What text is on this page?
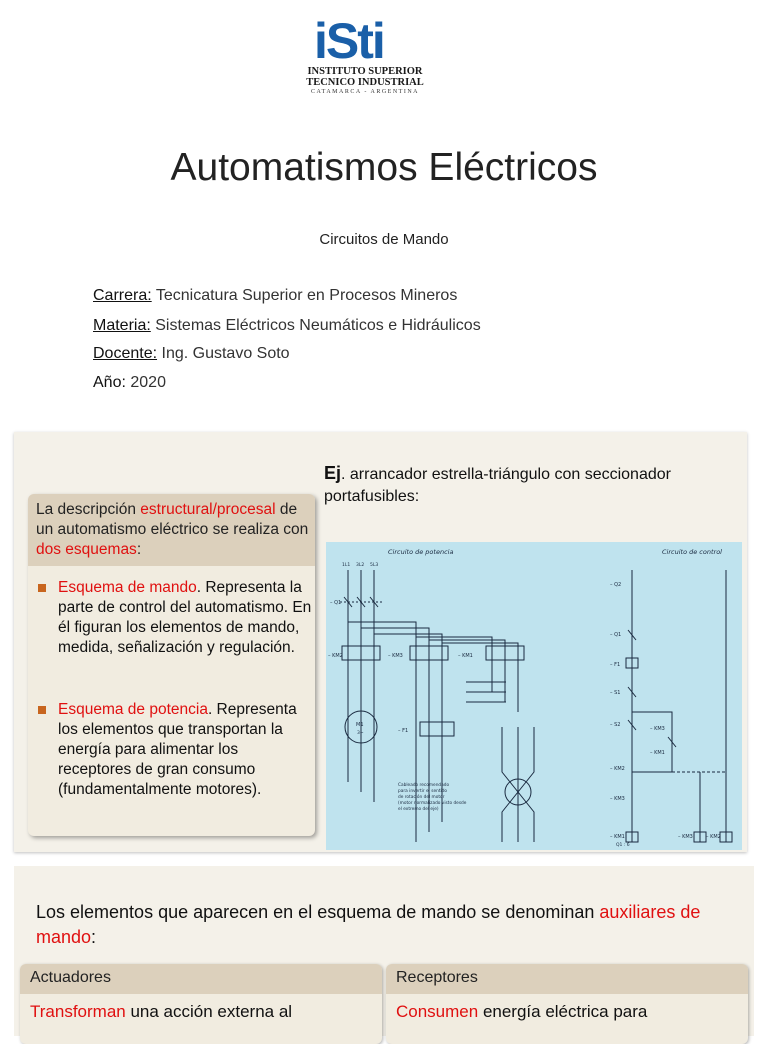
iSti
INSTITUTO SUPERIOR
TECNICO INDUSTRIAL
CATAMARCA - ARGENTINA
Automatismos Eléctricos
Circuitos de Mando
Carrera: Tecnicatura Superior en Procesos Mineros
Materia: Sistemas Eléctricos Neumáticos e Hidráulicos
Docente: Ing. Gustavo Soto
Año: 2020
La descripción estructural/procesal de un automatismo eléctrico se realiza con dos esquemas:
Esquema de mando. Representa la parte de control del automatismo. En él figuran los elementos de mando, medida, señalización y regulación.
Esquema de potencia. Representa los elementos que transportan la energía para alimentar los receptores de gran consumo (fundamentalmente motores).
Ej. arrancador estrella-triángulo con seccionador portafusibles:
Circuito de potencia	Circuito de control
1L1 3L2 5L3
– Q1
– KM2	– KM3	– KM1
– F1
M1
3~
– Q2
– Q1
– F1
– S1
– S2
– KM3
– KM1
– KM2
– KM3
– KM1	– KM3	– KM2
Q1 : 6
Cableado recomendado
para invertir el sentido
de rotación del motor
(motor normalizado visto desde
el extremo del eje)
Los elementos que aparecen en el esquema de mando se denominan auxiliares de mando:
Actuadores
Transforman una acción externa al
Receptores
Consumen energía eléctrica para
